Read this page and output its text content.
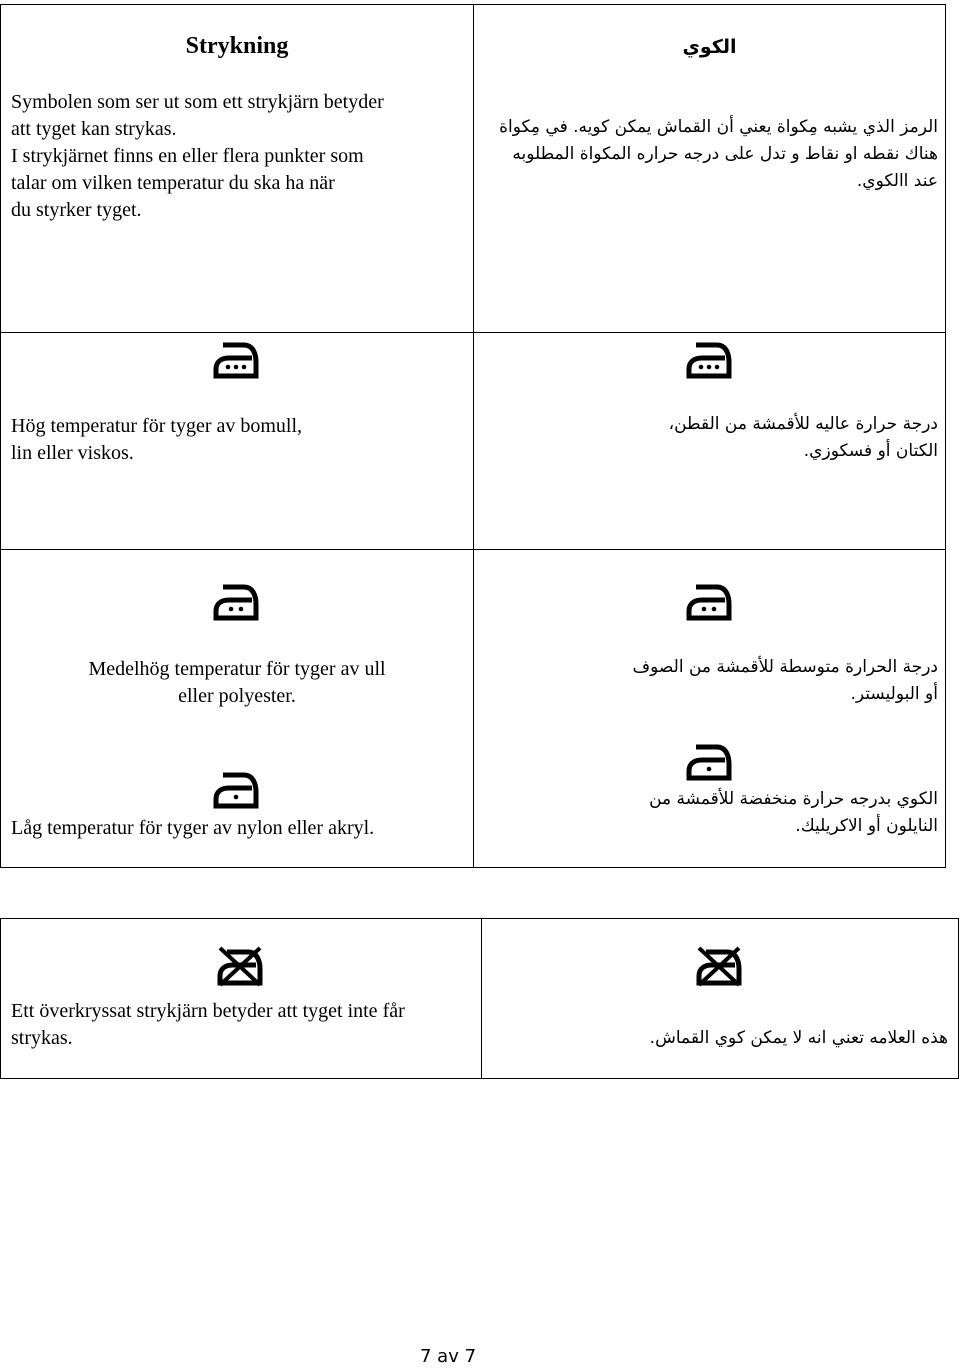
Strykning
Symbolen som ser ut som ett strykjärn betyder
att tyget kan strykas.
I strykjärnet finns en eller flera punkter som
talar om vilken temperatur du ska ha när
du styrker tyget.
الكوي
الرمز الذي يشبه مِكواة يعني أن القماش يمكن كويه. في مِكواة
هناك نقطه او نقاط و تدل على درجه حراره المكواة المطلوبه
عند االكوي.
Hög temperatur för tyger av bomull,
lin eller viskos.
درجة حرارة عاليه للأقمشة من القطن،
الكتان أو فسكوزي.
Medelhög temperatur för tyger av ull
eller polyester.
درجة الحرارة متوسطة للأقمشة من الصوف
أو البوليستر.
Låg temperatur för tyger av nylon eller akryl.
الكوي بدرجه حرارة منخفضة للأقمشة من
النايلون أو الاكريليك.
Ett överkryssat strykjärn betyder att tyget inte får
strykas.	هذه العلامه تعني انه لا يمكن كوي القماش.
7 av 7
